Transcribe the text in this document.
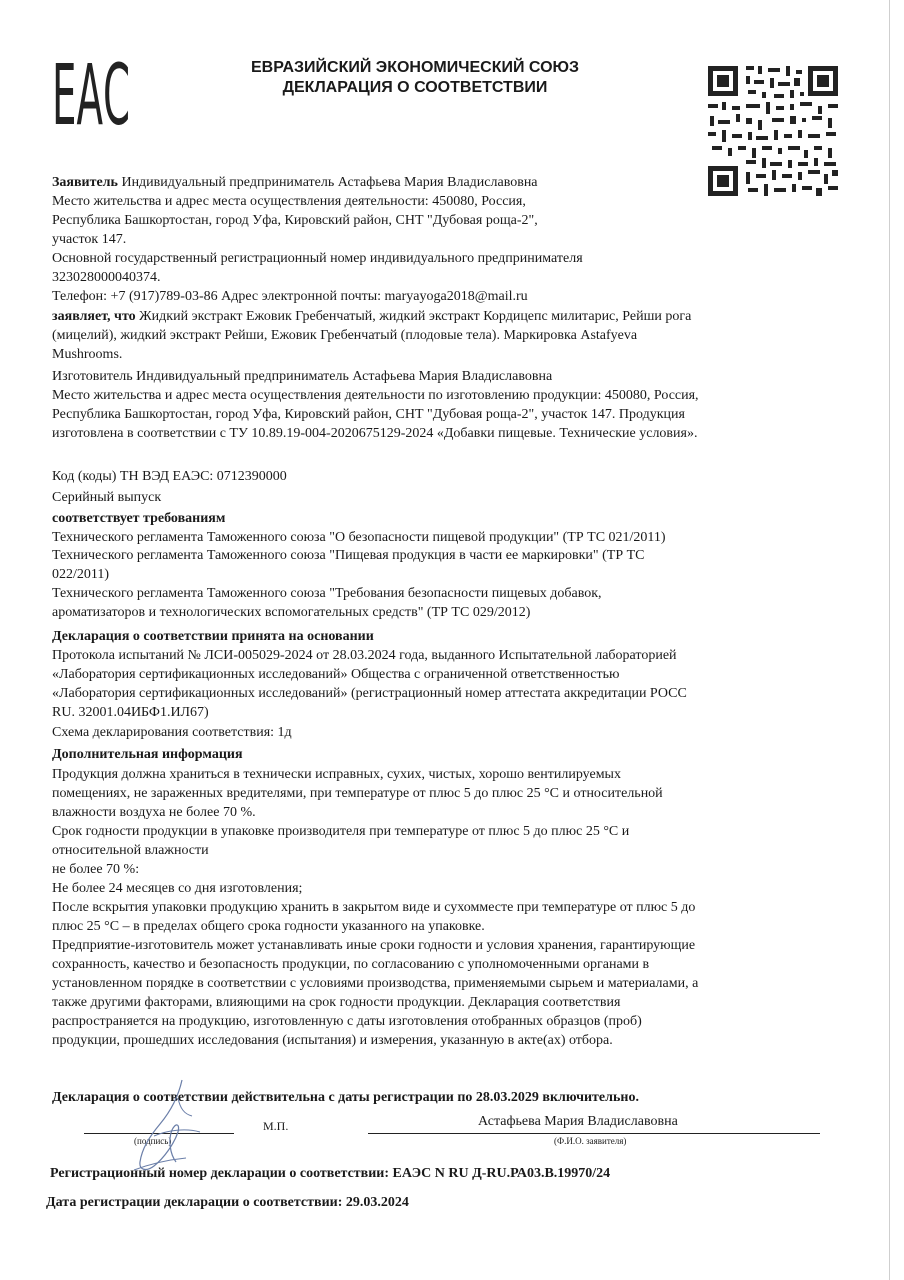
ЕАС	ЕВРАЗИЙСКИЙ ЭКОНОМИЧЕСКИЙ СОЮЗ
ДЕКЛАРАЦИЯ О СООТВЕТСТВИИ
Заявитель Индивидуальный предприниматель Астафьева Мария Владиславовна
Место жительства и адрес места осуществления деятельности: 450080, Россия,
Республика Башкортостан, город Уфа, Кировский район, СНТ "Дубовая роща-2",
участок 147.
Основной государственный регистрационный номер индивидуального предпринимателя
323028000040374.
Телефон: +7 (917)789-03-86 Адрес электронной почты: maryayoga2018@mail.ru
заявляет, что Жидкий экстракт Ежовик Гребенчатый, жидкий экстракт Кордицепс милитарис, Рейши рога
(мицелий), жидкий экстракт Рейши, Ежовик Гребенчатый (плодовые тела). Маркировка Astafyeva
Mushrooms.
Изготовитель Индивидуальный предприниматель Астафьева Мария Владиславовна
Место жительства и адрес места осуществления деятельности по изготовлению продукции: 450080, Россия,
Республика Башкортостан, город Уфа, Кировский район, СНТ "Дубовая роща-2", участок 147. Продукция
изготовлена в соответствии с ТУ 10.89.19-004-2020675129-2024 «Добавки пищевые. Технические условия».
Код (коды) ТН ВЭД ЕАЭС: 0712390000
Серийный выпуск
соответствует требованиям
Технического регламента Таможенного союза "О безопасности пищевой продукции" (ТР ТС 021/2011)
Технического регламента Таможенного союза "Пищевая продукция в части ее маркировки" (ТР ТС
022/2011)
Технического регламента Таможенного союза "Требования безопасности пищевых добавок,
ароматизаторов и технологических вспомогательных средств" (ТР ТС 029/2012)
Декларация о соответствии принята на основании
Протокола испытаний № ЛСИ-005029-2024 от 28.03.2024 года, выданного Испытательной лабораторией
«Лаборатория сертификационных исследований» Общества с ограниченной ответственностью
«Лаборатория сертификационных исследований» (регистрационный номер аттестата аккредитации РОСС
RU. 32001.04ИБФ1.ИЛ67)
Схема декларирования соответствия: 1д
Дополнительная информация
Продукция должна храниться в технически исправных, сухих, чистых, хорошо вентилируемых
помещениях, не зараженных вредителями, при температуре от плюс 5 до плюс 25 °С и относительной
влажности воздуха не более 70 %.
Срок годности продукции в упаковке производителя при температуре от плюс 5 до плюс 25 °С и
относительной влажности
не более 70 %:
Не более 24 месяцев со дня изготовления;
После вскрытия упаковки продукцию хранить в закрытом виде и сухомместе при температуре от плюс 5 до
плюс 25 °С – в пределах общего срока годности указанного на упаковке.
Предприятие-изготовитель может устанавливать иные сроки годности и условия хранения, гарантирующие
сохранность, качество и безопасность продукции, по согласованию с уполномоченными органами в
установленном порядке в соответствии с условиями производства, применяемыми сырьем и материалами, а
также другими факторами, влияющими на срок годности продукции. Декларация соответствия
распространяется на продукцию, изготовленную с даты изготовления отобранных образцов (проб)
продукции, прошедших исследования (испытания) и измерения, указанную в акте(ах) отбора.
Декларация о соответствии действительна с даты регистрации по 28.03.2029 включительно.
М.П.	Астафьева Мария Владиславовна
(подпись)	(Ф.И.О. заявителя)
Регистрационный номер декларации о соответствии: ЕАЭС N RU Д-RU.РА03.В.19970/24
Дата регистрации декларации о соответствии: 29.03.2024
